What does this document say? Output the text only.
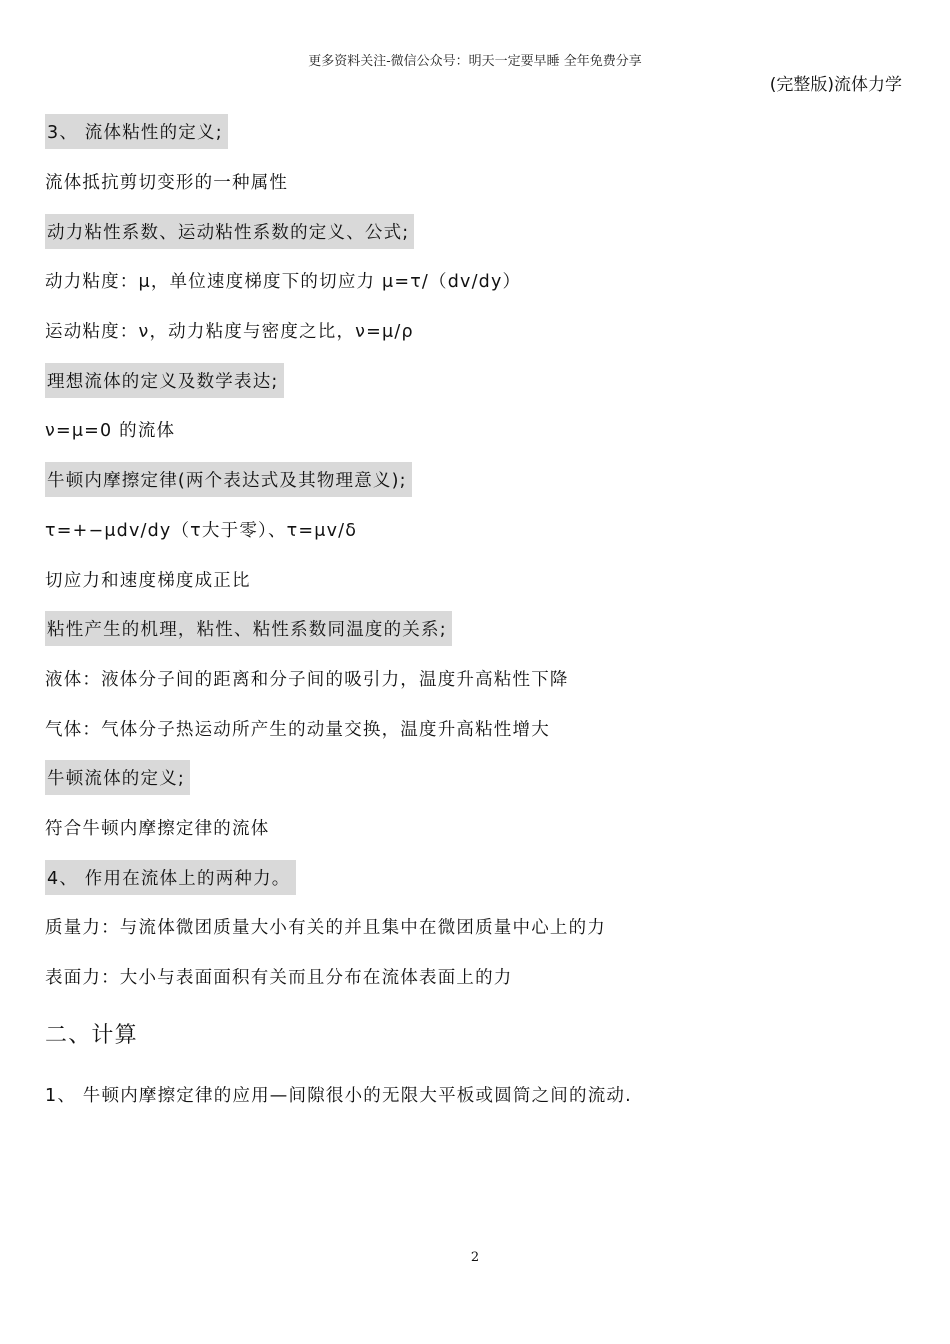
更多资料关注-微信公众号：明天一定要早睡 全年免费分享
(完整版)流体力学
3、 流体粘性的定义;
流体抵抗剪切变形的一种属性
动力粘性系数、运动粘性系数的定义、公式;
动力粘度：μ，单位速度梯度下的切应力 μ=τ/（dv/dy）
运动粘度：ν，动力粘度与密度之比，ν=μ/ρ
理想流体的定义及数学表达;
ν=μ=0 的流体
牛顿内摩擦定律(两个表达式及其物理意义);
τ=+−μdv/dy（τ大于零）、τ=μv/δ
切应力和速度梯度成正比
粘性产生的机理，粘性、粘性系数同温度的关系;
液体：液体分子间的距离和分子间的吸引力，温度升高粘性下降
气体：气体分子热运动所产生的动量交换，温度升高粘性增大
牛顿流体的定义;
符合牛顿内摩擦定律的流体
4、 作用在流体上的两种力。
质量力：与流体微团质量大小有关的并且集中在微团质量中心上的力
表面力：大小与表面面积有关而且分布在流体表面上的力
二、计算
1、 牛顿内摩擦定律的应用—间隙很小的无限大平板或圆筒之间的流动.
2
